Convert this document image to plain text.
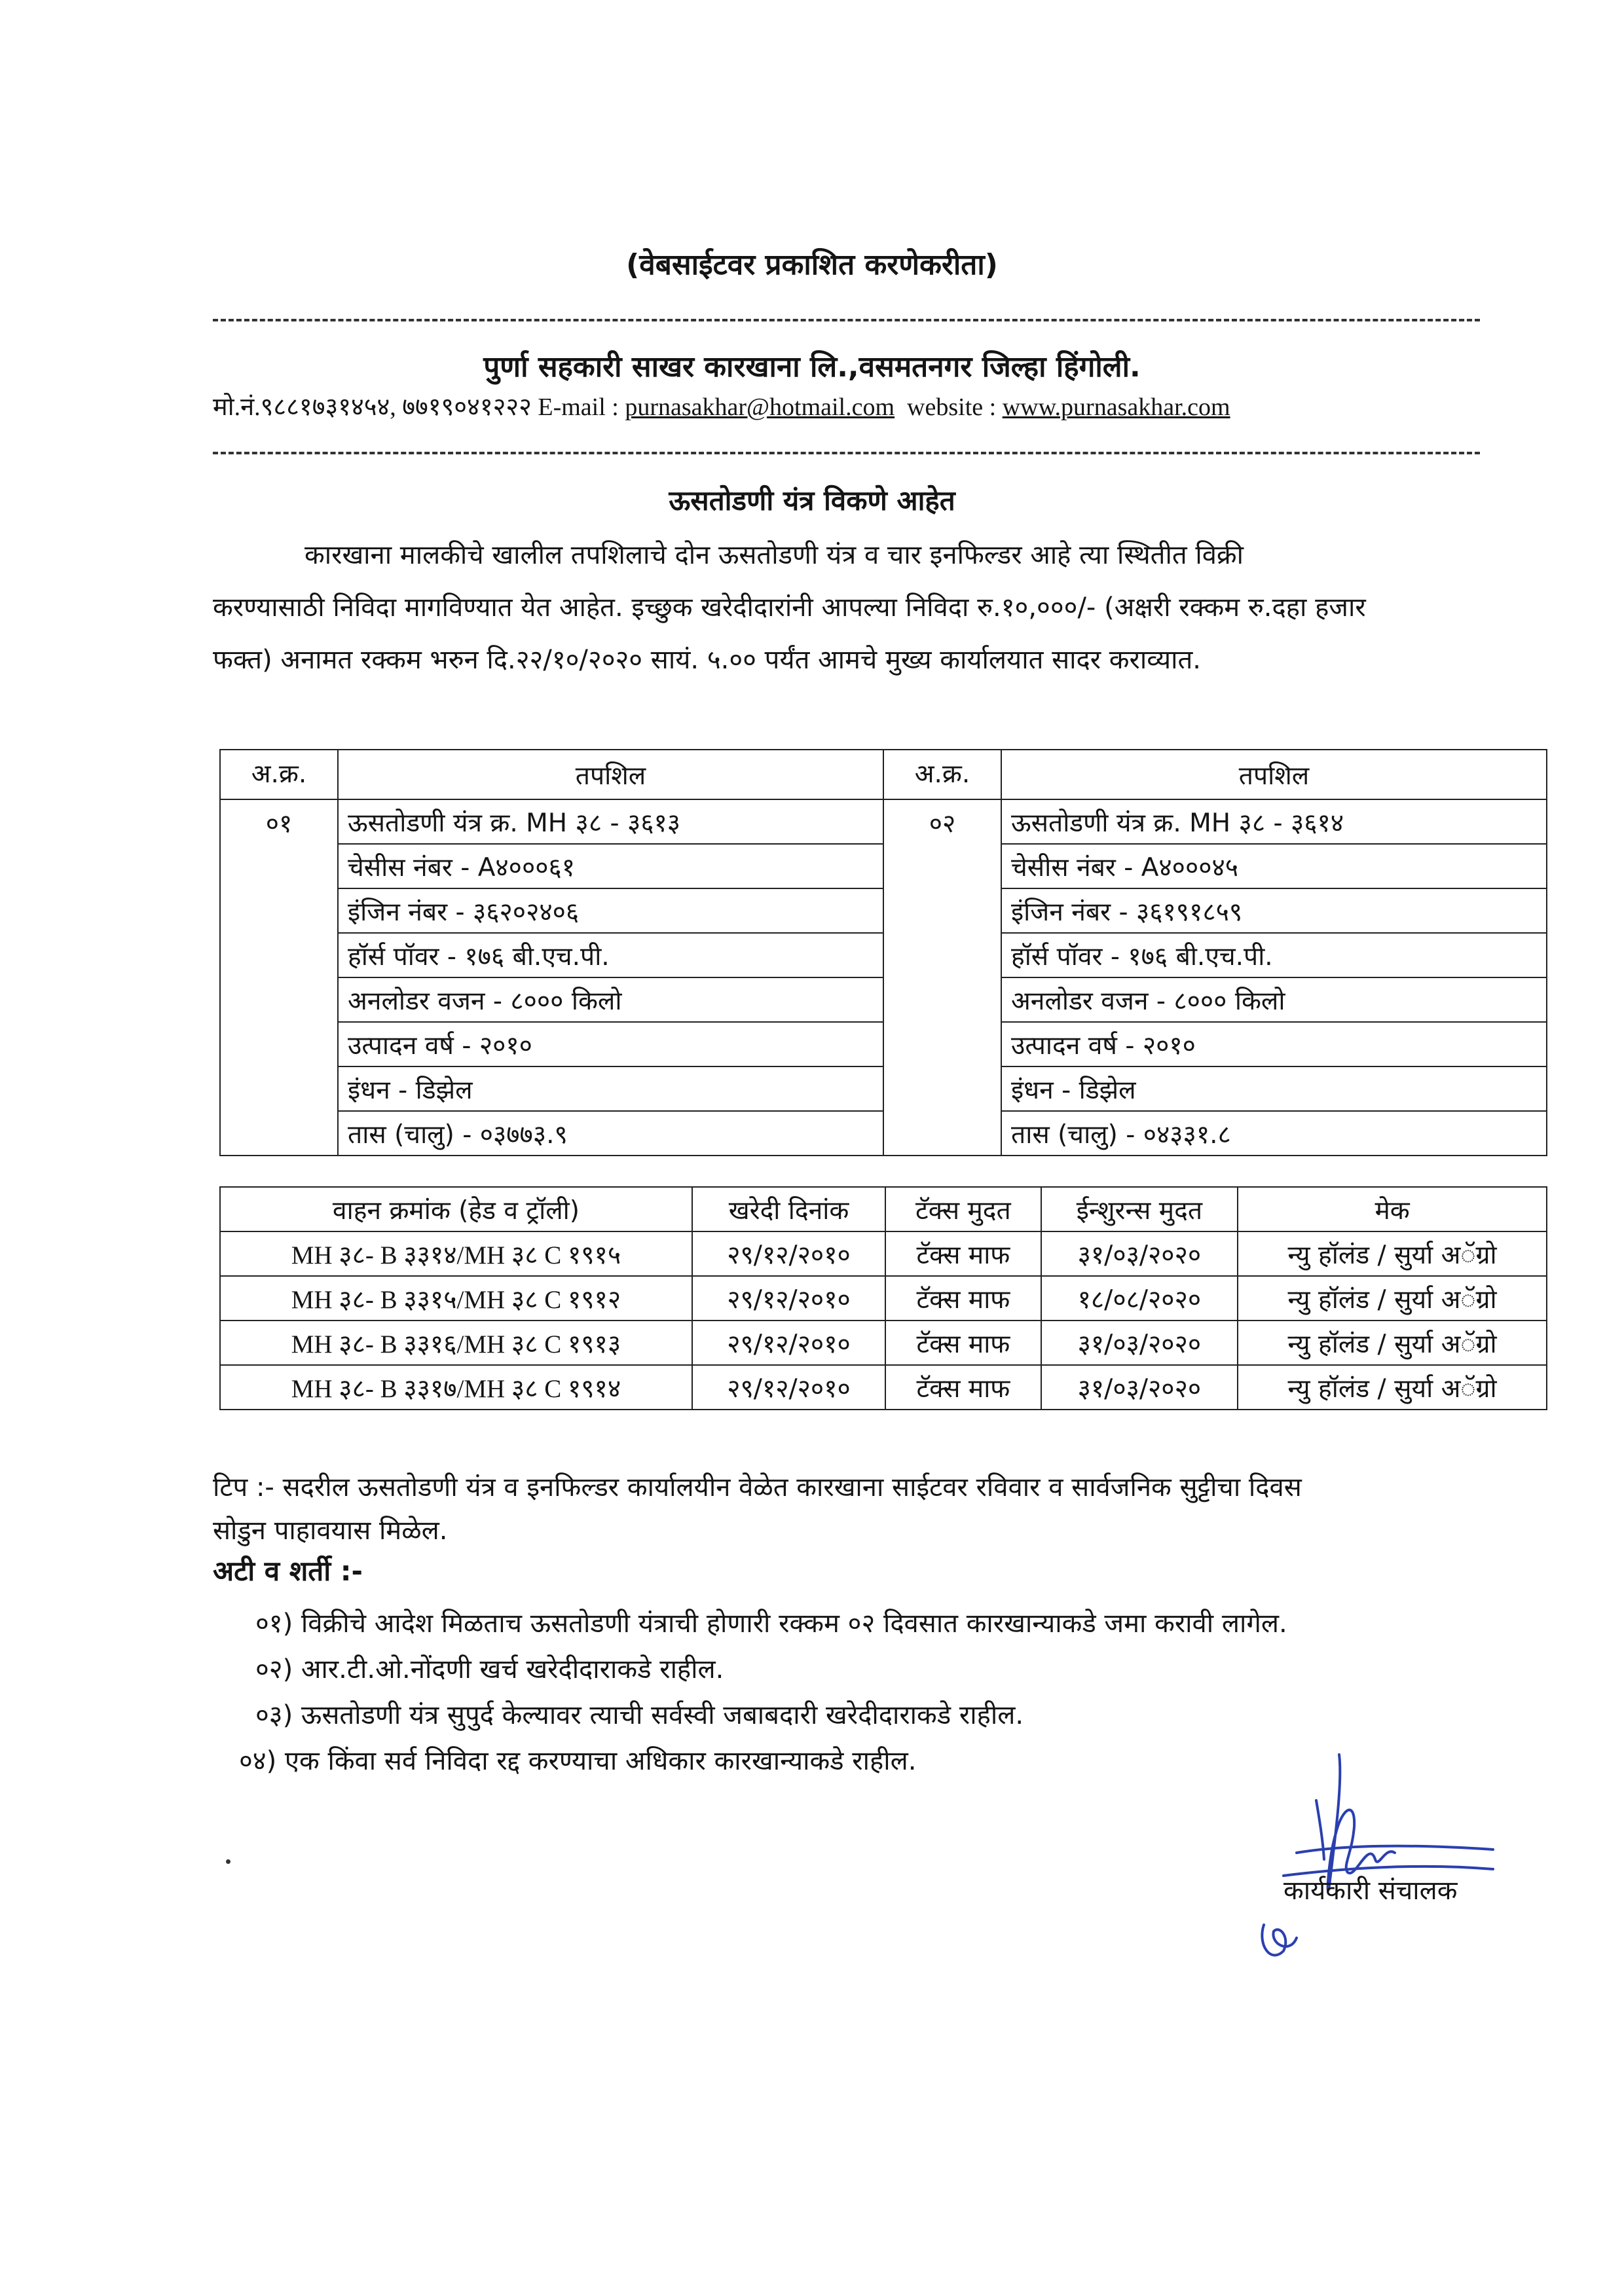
(वेबसाईटवर प्रकाशित करणेकरीता)
पुर्णा सहकारी साखर कारखाना लि.,वसमतनगर जिल्हा हिंगोली.
मो.नं.९८८१७३१४५४, ७७१९०४१२२२ E-mail : purnasakhar@hotmail.com website : www.purnasakhar.com
ऊसतोडणी यंत्र विकणे आहेत
कारखाना मालकीचे खालील तपशिलाचे दोन ऊसतोडणी यंत्र व चार इनफिल्डर आहे त्या स्थितीत विक्री
करण्यासाठी निविदा मागविण्यात येत आहेत. इच्छुक खरेदीदारांनी आपल्या निविदा रु.१०,०००/- (अक्षरी रक्कम रु.दहा हजार
फक्त) अनामत रक्कम भरुन दि.२२/१०/२०२० सायं. ५.०० पर्यंत आमचे मुख्य कार्यालयात सादर कराव्यात.
अ.क्र.	तपशिल	अ.क्र.	तपशिल
०१	ऊसतोडणी यंत्र क्र. MH ३८ - ३६१३	०२	ऊसतोडणी यंत्र क्र. MH ३८ - ३६१४
	चेसीस नंबर - A४०००६१		चेसीस नंबर - A४०००४५
	इंजिन नंबर - ३६२०२४०६		इंजिन नंबर - ३६१९१८५९
	हॉर्स पॉवर - १७६ बी.एच.पी.		हॉर्स पॉवर - १७६ बी.एच.पी.
	अनलोडर वजन - ८००० किलो		अनलोडर वजन - ८००० किलो
	उत्पादन वर्ष - २०१०		उत्पादन वर्ष - २०१०
	इंधन - डिझेल		इंधन - डिझेल
	तास (चालु) - ०३७७३.९		तास (चालु) - ०४३३१.८
वाहन क्रमांक (हेड व ट्रॉली)	खरेदी दिनांक	टॅक्स मुदत	ईन्शुरन्स मुदत	मेक
MH ३८- B ३३१४/MH ३८ C १९१५	२९/१२/२०१०	टॅक्स माफ	३१/०३/२०२०	न्यु हॉलंड / सुर्या अॅग्रो
MH ३८- B ३३१५/MH ३८ C १९१२	२९/१२/२०१०	टॅक्स माफ	१८/०८/२०२०	न्यु हॉलंड / सुर्या अॅग्रो
MH ३८- B ३३१६/MH ३८ C १९१३	२९/१२/२०१०	टॅक्स माफ	३१/०३/२०२०	न्यु हॉलंड / सुर्या अॅग्रो
MH ३८- B ३३१७/MH ३८ C १९१४	२९/१२/२०१०	टॅक्स माफ	३१/०३/२०२०	न्यु हॉलंड / सुर्या अॅग्रो
टिप :- सदरील ऊसतोडणी यंत्र व इनफिल्डर कार्यालयीन वेळेत कारखाना साईटवर रविवार व सार्वजनिक सुट्टीचा दिवस
सोडुन पाहावयास मिळेल.
अटी व शर्ती :-
०१) विक्रीचे आदेश मिळताच ऊसतोडणी यंत्राची होणारी रक्कम ०२ दिवसात कारखान्याकडे जमा करावी लागेल.
०२) आर.टी.ओ.नोंदणी खर्च खरेदीदाराकडे राहील.
०३) ऊसतोडणी यंत्र सुपुर्द केल्यावर त्याची सर्वस्वी जबाबदारी खरेदीदाराकडे राहील.
०४) एक किंवा सर्व निविदा रद्द करण्याचा अधिकार कारखान्याकडे राहील.
कार्यकारी संचालक
